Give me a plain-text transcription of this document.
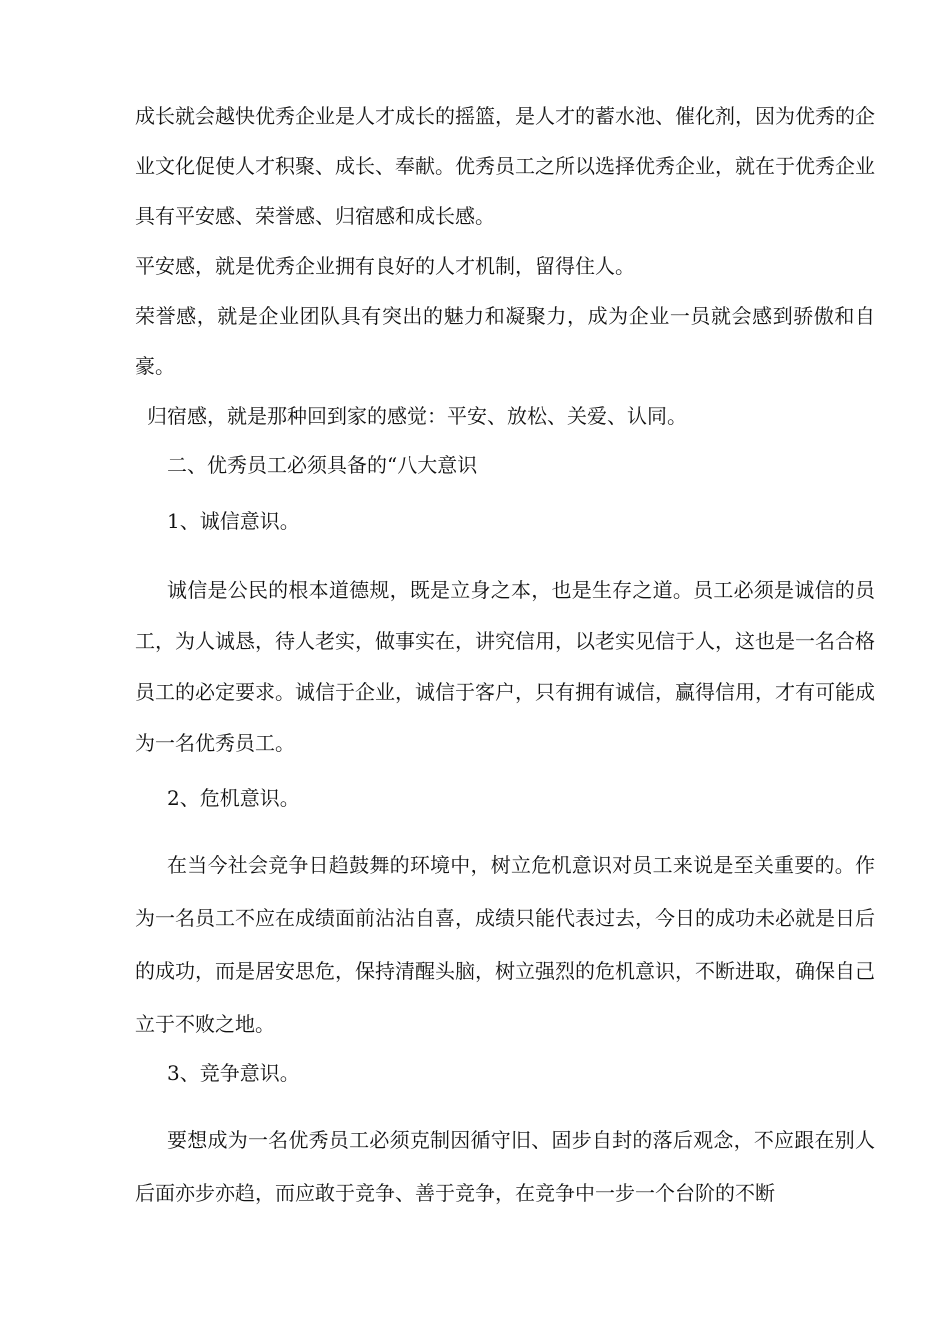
成长就会越快优秀企业是人才成长的摇篮，是人才的蓄水池、催化剂，因为优秀的企业文化促使人才积聚、成长、奉献。优秀员工之所以选择优秀企业，就在于优秀企业具有平安感、荣誉感、归宿感和成长感。

平安感，就是优秀企业拥有良好的人才机制，留得住人。

荣誉感，就是企业团队具有突出的魅力和凝聚力，成为企业一员就会感到骄傲和自豪。

归宿感，就是那种回到家的感觉：平安、放松、关爱、认同。

二、优秀员工必须具备的“八大意识

1、诚信意识。

诚信是公民的根本道德规，既是立身之本，也是生存之道。员工必须是诚信的员工，为人诚恳，待人老实，做事实在，讲究信用，以老实见信于人，这也是一名合格员工的必定要求。诚信于企业，诚信于客户，只有拥有诚信，赢得信用，才有可能成为一名优秀员工。

2、危机意识。

在当今社会竞争日趋鼓舞的环境中，树立危机意识对员工来说是至关重要的。作为一名员工不应在成绩面前沾沾自喜，成绩只能代表过去，今日的成功未必就是日后的成功，而是居安思危，保持清醒头脑，树立强烈的危机意识，不断进取，确保自己立于不败之地。

3、竞争意识。

要想成为一名优秀员工必须克制因循守旧、固步自封的落后观念，不应跟在别人后面亦步亦趋，而应敢于竞争、善于竞争，在竞争中一步一个台阶的不断
